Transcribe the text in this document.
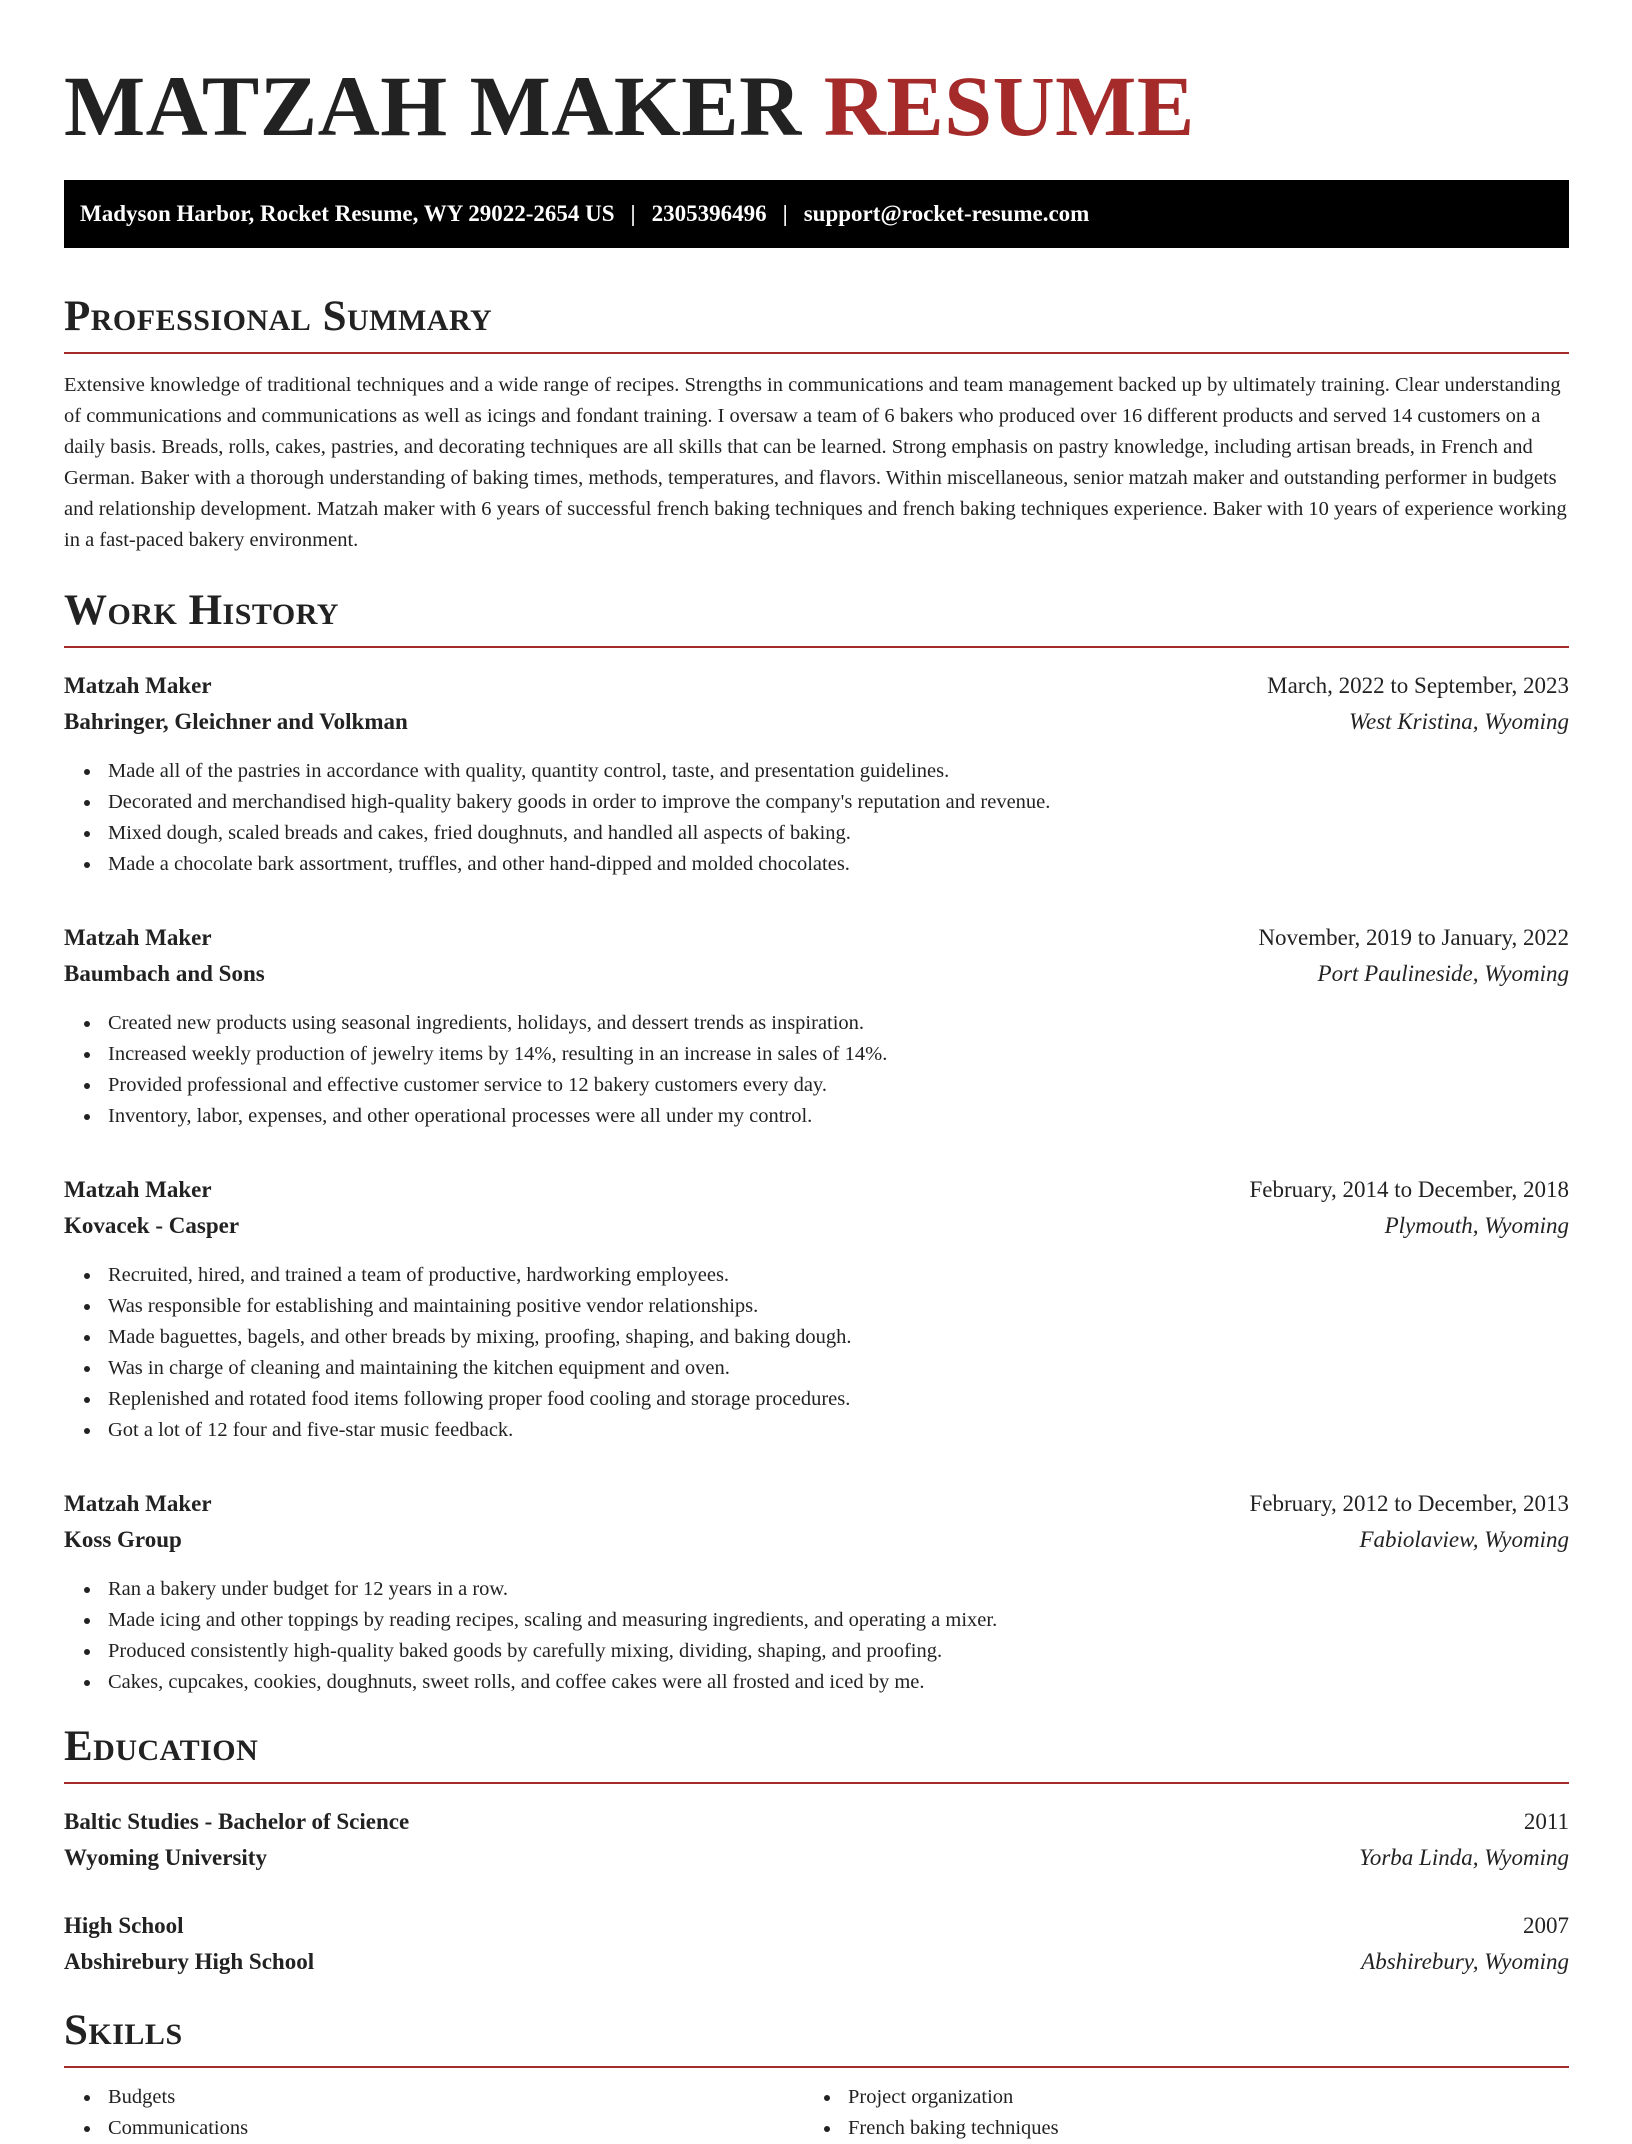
MATZAH MAKER RESUME
Madyson Harbor, Rocket Resume, WY 29022-2654 US | 2305396496 | support@rocket-resume.com
Professional Summary

Extensive knowledge of traditional techniques and a wide range of recipes. Strengths in communications and team management backed up by ultimately training. Clear understanding of communications and communications as well as icings and fondant training. I oversaw a team of 6 bakers who produced over 16 different products and served 14 customers on a daily basis. Breads, rolls, cakes, pastries, and decorating techniques are all skills that can be learned. Strong emphasis on pastry knowledge, including artisan breads, in French and German. Baker with a thorough understanding of baking times, methods, temperatures, and flavors. Within miscellaneous, senior matzah maker and outstanding performer in budgets and relationship development. Matzah maker with 6 years of successful french baking techniques and french baking techniques experience. Baker with 10 years of experience working in a fast-paced bakery environment.

Work History
Matzah Maker	March, 2022 to September, 2023
Bahringer, Gleichner and Volkman	West Kristina, Wyoming
Made all of the pastries in accordance with quality, quantity control, taste, and presentation guidelines.
Decorated and merchandised high-quality bakery goods in order to improve the company's reputation and revenue.
Mixed dough, scaled breads and cakes, fried doughnuts, and handled all aspects of baking.
Made a chocolate bark assortment, truffles, and other hand-dipped and molded chocolates.
Matzah Maker	November, 2019 to January, 2022
Baumbach and Sons	Port Paulineside, Wyoming
Created new products using seasonal ingredients, holidays, and dessert trends as inspiration.
Increased weekly production of jewelry items by 14%, resulting in an increase in sales of 14%.
Provided professional and effective customer service to 12 bakery customers every day.
Inventory, labor, expenses, and other operational processes were all under my control.
Matzah Maker	February, 2014 to December, 2018
Kovacek - Casper	Plymouth, Wyoming
Recruited, hired, and trained a team of productive, hardworking employees.
Was responsible for establishing and maintaining positive vendor relationships.
Made baguettes, bagels, and other breads by mixing, proofing, shaping, and baking dough.
Was in charge of cleaning and maintaining the kitchen equipment and oven.
Replenished and rotated food items following proper food cooling and storage procedures.
Got a lot of 12 four and five-star music feedback.
Matzah Maker	February, 2012 to December, 2013
Koss Group	Fabiolaview, Wyoming
Ran a bakery under budget for 12 years in a row.
Made icing and other toppings by reading recipes, scaling and measuring ingredients, and operating a mixer.
Produced consistently high-quality baked goods by carefully mixing, dividing, shaping, and proofing.
Cakes, cupcakes, cookies, doughnuts, sweet rolls, and coffee cakes were all frosted and iced by me.
Education
Baltic Studies - Bachelor of Science	2011
Wyoming University	Yorba Linda, Wyoming
High School	2007
Abshirebury High School	Abshirebury, Wyoming
Skills
Budgets
Communications
Project organization
French baking techniques
